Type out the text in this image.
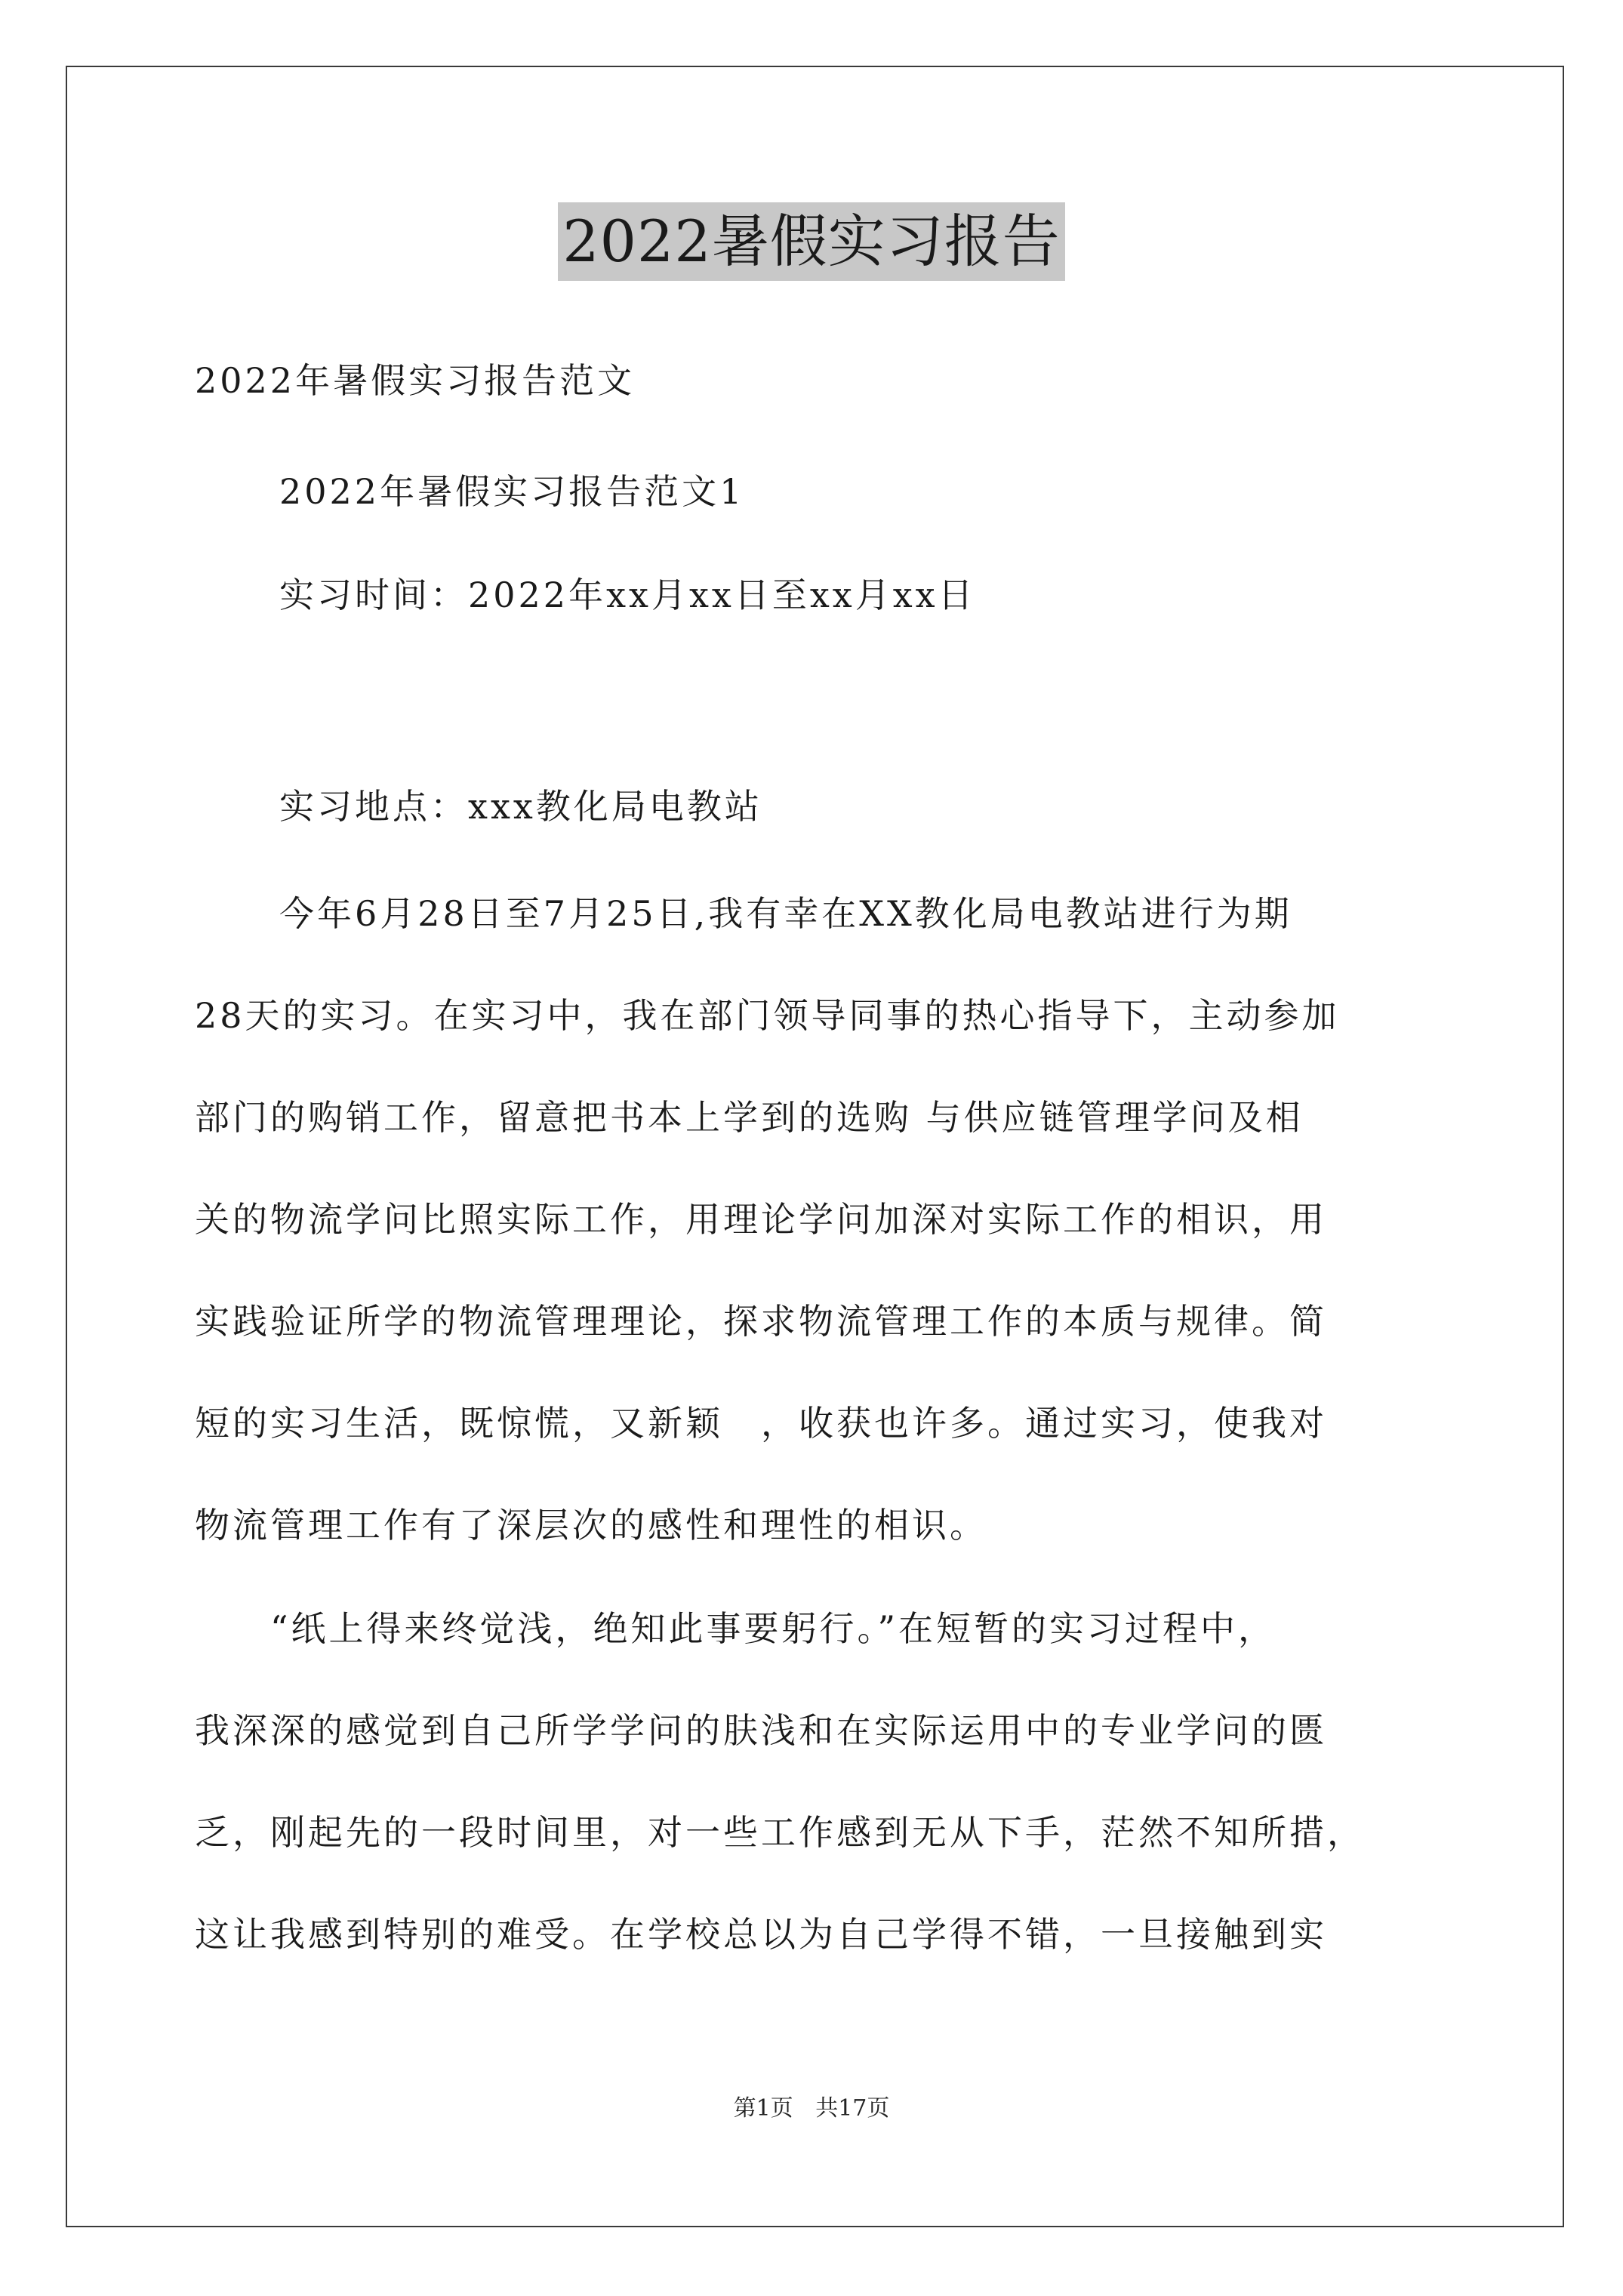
2022暑假实习报告
2022年暑假实习报告范文
2022年暑假实习报告范文1
实习时间：2022年xx月xx日至xx月xx日
实习地点：xxx教化局电教站
今年6月28日至7月25日,我有幸在XX教化局电教站进行为期
28天的实习。在实习中，我在部门领导同事的热心指导下，主动参加
部门的购销工作，留意把书本上学到的选购 与供应链管理学问及相
关的物流学问比照实际工作，用理论学问加深对实际工作的相识，用
实践验证所学的物流管理理论，探求物流管理工作的本质与规律。简
短的实习生活，既惊慌，又新颖　，收获也许多。通过实习，使我对
物流管理工作有了深层次的感性和理性的相识。
“纸上得来终觉浅，绝知此事要躬行。”在短暂的实习过程中，
我深深的感觉到自己所学学问的肤浅和在实际运用中的专业学问的匮
乏，刚起先的一段时间里，对一些工作感到无从下手，茫然不知所措，
这让我感到特别的难受。在学校总以为自己学得不错，一旦接触到实
第1页 共17页
